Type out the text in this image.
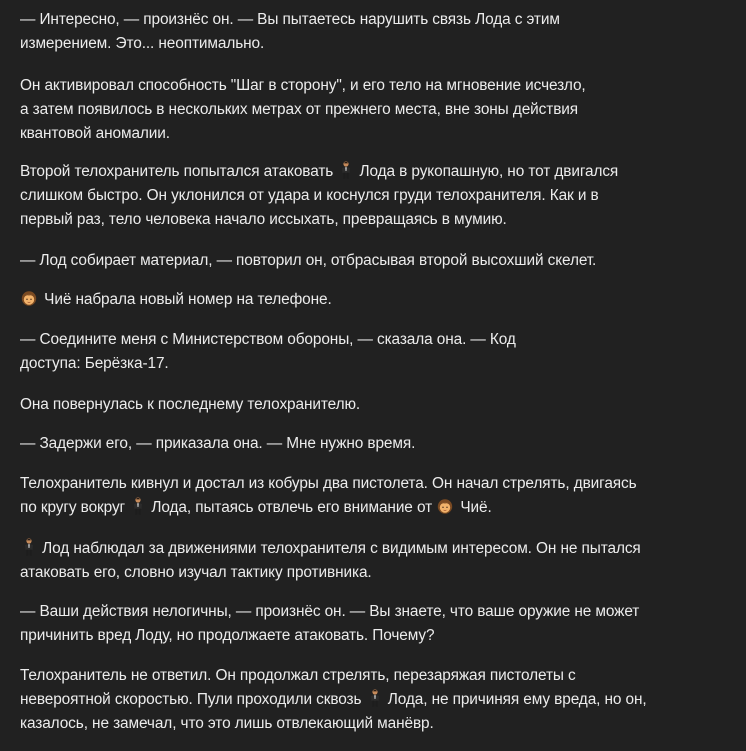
— Интересно, — произнёс он. — Вы пытаетесь нарушить связь Лода с этим
измерением. Это... неоптимально.

Он активировал способность "Шаг в сторону", и его тело на мгновение исчезло,
а затем появилось в нескольких метрах от прежнего места, вне зоны действия
квантовой аномалии.

Второй телохранитель попытался атаковать  Лода в рукопашную, но тот двигался
слишком быстро. Он уклонился от удара и коснулся груди телохранителя. Как и в
первый раз, тело человека начало иссыхать, превращаясь в мумию.

— Лод собирает материал, — повторил он, отбрасывая второй высохший скелет.

Чиё набрала новый номер на телефоне.

— Соедините меня с Министерством обороны, — сказала она. — Код
доступа: Берёзка-17.

Она повернулась к последнему телохранителю.

— Задержи его, — приказала она. — Мне нужно время.

Телохранитель кивнул и достал из кобуры два пистолета. Он начал стрелять, двигаясь
по кругу вокруг  Лода, пытаясь отвлечь его внимание от  Чиё.

Лод наблюдал за движениями телохранителя с видимым интересом. Он не пытался
атаковать его, словно изучал тактику противника.

— Ваши действия нелогичны, — произнёс он. — Вы знаете, что ваше оружие не может
причинить вред Лоду, но продолжаете атаковать. Почему?

Телохранитель не ответил. Он продолжал стрелять, перезаряжая пистолеты с
невероятной скоростью. Пули проходили сквозь  Лода, не причиняя ему вреда, но он,
казалось, не замечал, что это лишь отвлекающий манёвр.
